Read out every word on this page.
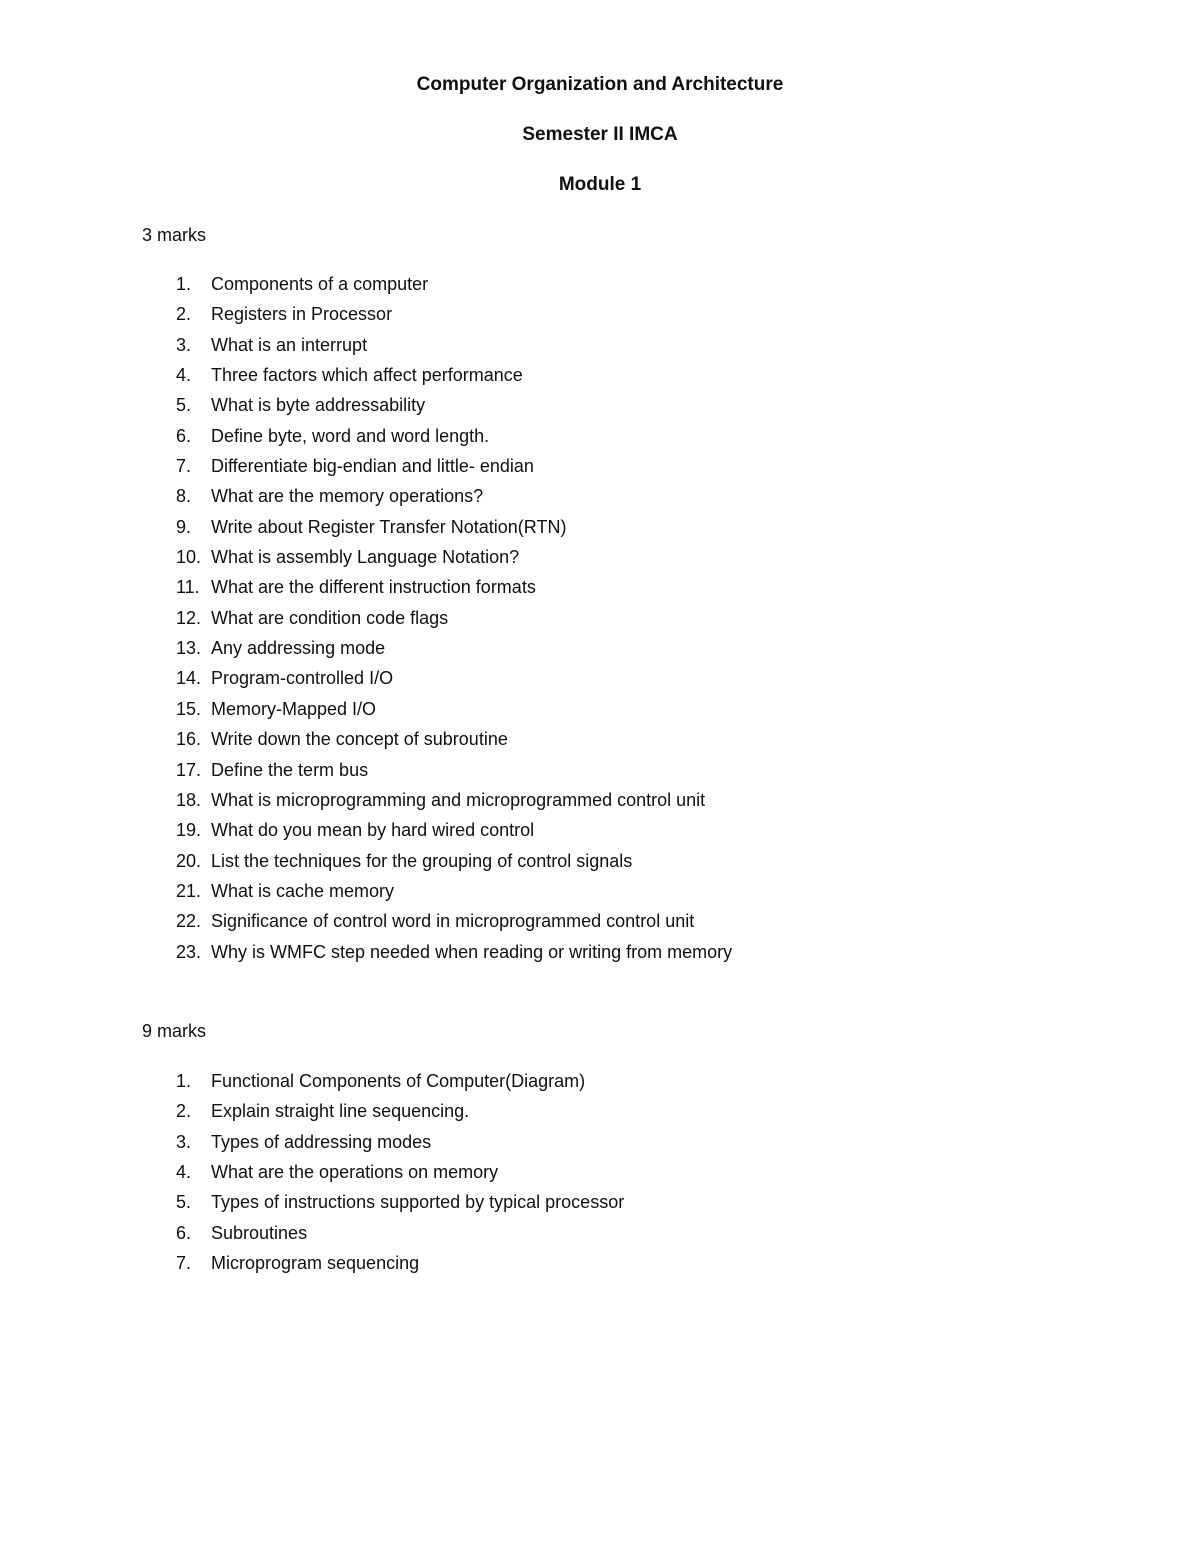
Computer Organization and Architecture
Semester II IMCA
Module 1
3 marks
1.	Components of a computer
2.	Registers in Processor
3.	What is an interrupt
4.	Three factors which affect performance
5.	What is byte addressability
6.	Define byte, word and word length.
7.	Differentiate big-endian and little- endian
8.	What are the memory operations?
9.	Write about Register Transfer Notation(RTN)
10. What is assembly Language Notation?
11. What are the different instruction formats
12. What are condition code flags
13. Any addressing mode
14. Program-controlled I/O
15. Memory-Mapped I/O
16. Write down the concept of subroutine
17. Define the term bus
18. What is microprogramming and microprogrammed control unit
19. What do you mean by hard wired control
20. List the techniques for the grouping of control signals
21. What is cache memory
22. Significance of control word in microprogrammed control unit
23. Why is WMFC step needed when reading or writing from memory
9 marks
1.	Functional Components of Computer(Diagram)
2.	Explain straight line sequencing.
3.	Types of addressing modes
4.	What are the operations on memory
5.	Types of instructions supported by typical processor
6.	Subroutines
7.	Microprogram sequencing
